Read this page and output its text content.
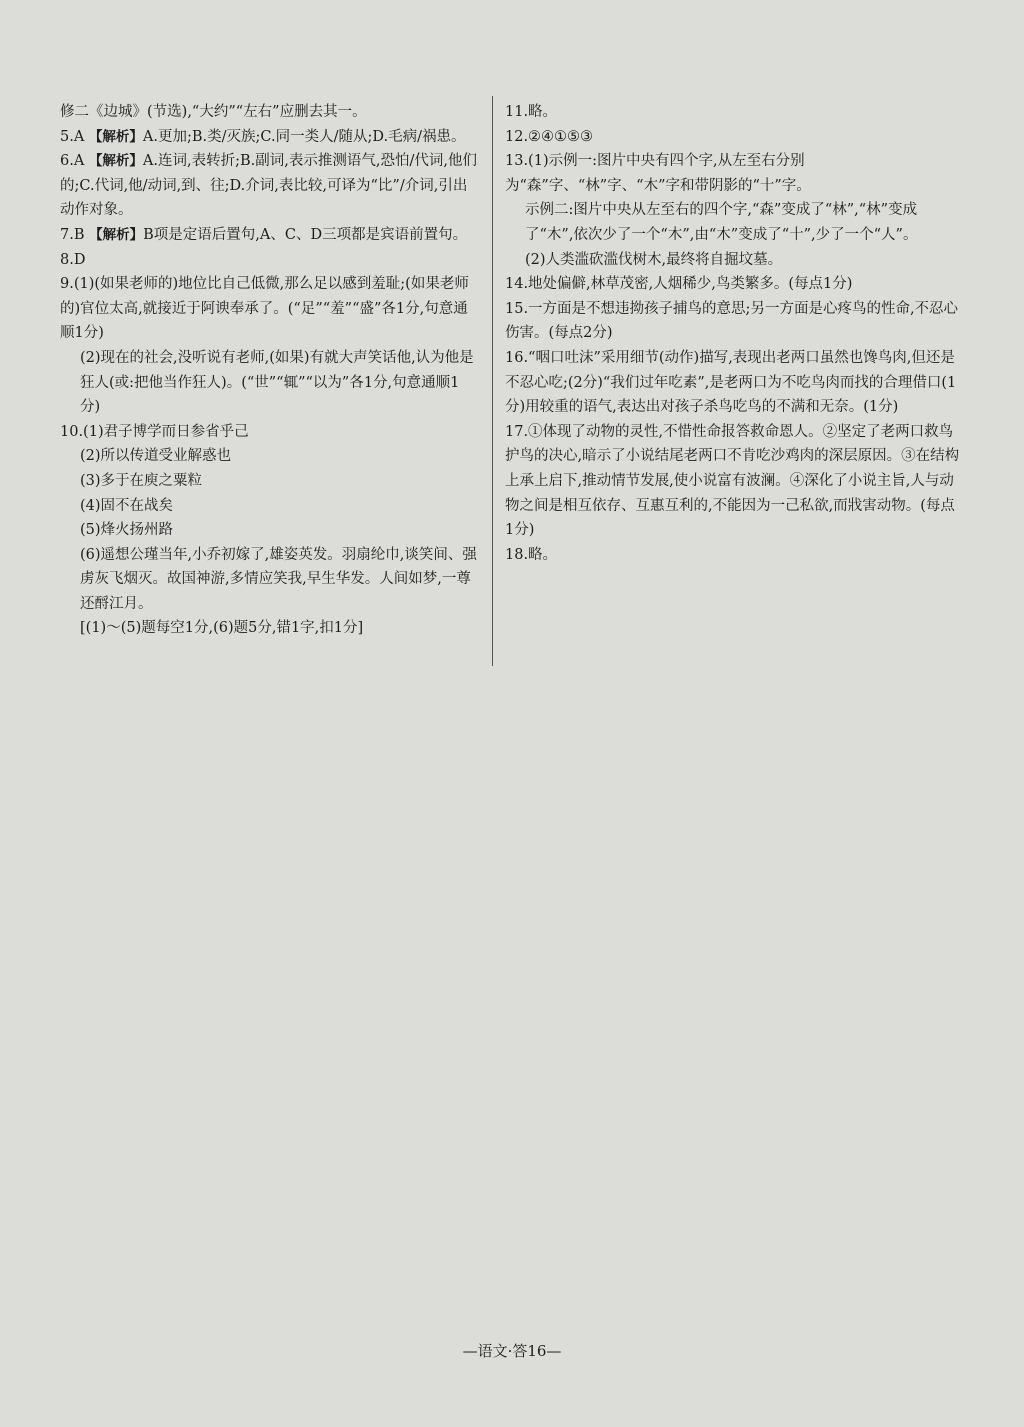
修二《边城》(节选),“大约”“左右”应删去其一。

5.A 【解析】A.更加;B.类/灭族;C.同一类人/随从;D.毛病/祸患。

6.A 【解析】A.连词,表转折;B.副词,表示推测语气,恐怕/代词,他们的;C.代词,他/动词,到、往;D.介词,表比较,可译为“比”/介词,引出动作对象。

7.B 【解析】B项是定语后置句,A、C、D三项都是宾语前置句。

8.D

9.(1)(如果老师的)地位比自己低微,那么足以感到羞耻;(如果老师的)官位太高,就接近于阿谀奉承了。(“足”“羞”“盛”各1分,句意通顺1分)

(2)现在的社会,没听说有老师,(如果)有就大声笑话他,认为他是狂人(或:把他当作狂人)。(“世”“辄”“以为”各1分,句意通顺1分)

10.(1)君子博学而日参省乎己

(2)所以传道受业解惑也

(3)多于在庾之粟粒

(4)固不在战矣

(5)烽火扬州路

(6)遥想公瑾当年,小乔初嫁了,雄姿英发。羽扇纶巾,谈笑间、强虏灰飞烟灭。故国神游,多情应笑我,早生华发。人间如梦,一尊还酹江月。

[(1)～(5)题每空1分,(6)题5分,错1字,扣1分]

11.略。

12.②④①⑤③

13.(1)示例一:图片中央有四个字,从左至右分别为“森”字、“林”字、“木”字和带阴影的“十”字。

示例二:图片中央从左至右的四个字,“森”变成了“林”,“林”变成了“木”,依次少了一个“木”,由“木”变成了“十”,少了一个“人”。

(2)人类滥砍滥伐树木,最终将自掘坟墓。

14.地处偏僻,林草茂密,人烟稀少,鸟类繁多。(每点1分)

15.一方面是不想违拗孩子捕鸟的意思;另一方面是心疼鸟的性命,不忍心伤害。(每点2分)

16.“咽口吐沫”采用细节(动作)描写,表现出老两口虽然也馋鸟肉,但还是不忍心吃;(2分)“我们过年吃素”,是老两口为不吃鸟肉而找的合理借口(1分)用较重的语气,表达出对孩子杀鸟吃鸟的不满和无奈。(1分)

17.①体现了动物的灵性,不惜性命报答救命恩人。②坚定了老两口救鸟护鸟的决心,暗示了小说结尾老两口不肯吃沙鸡肉的深层原因。③在结构上承上启下,推动情节发展,使小说富有波澜。④深化了小说主旨,人与动物之间是相互依存、互惠互利的,不能因为一己私欲,而戕害动物。(每点1分)

18.略。

—语文·答16—
